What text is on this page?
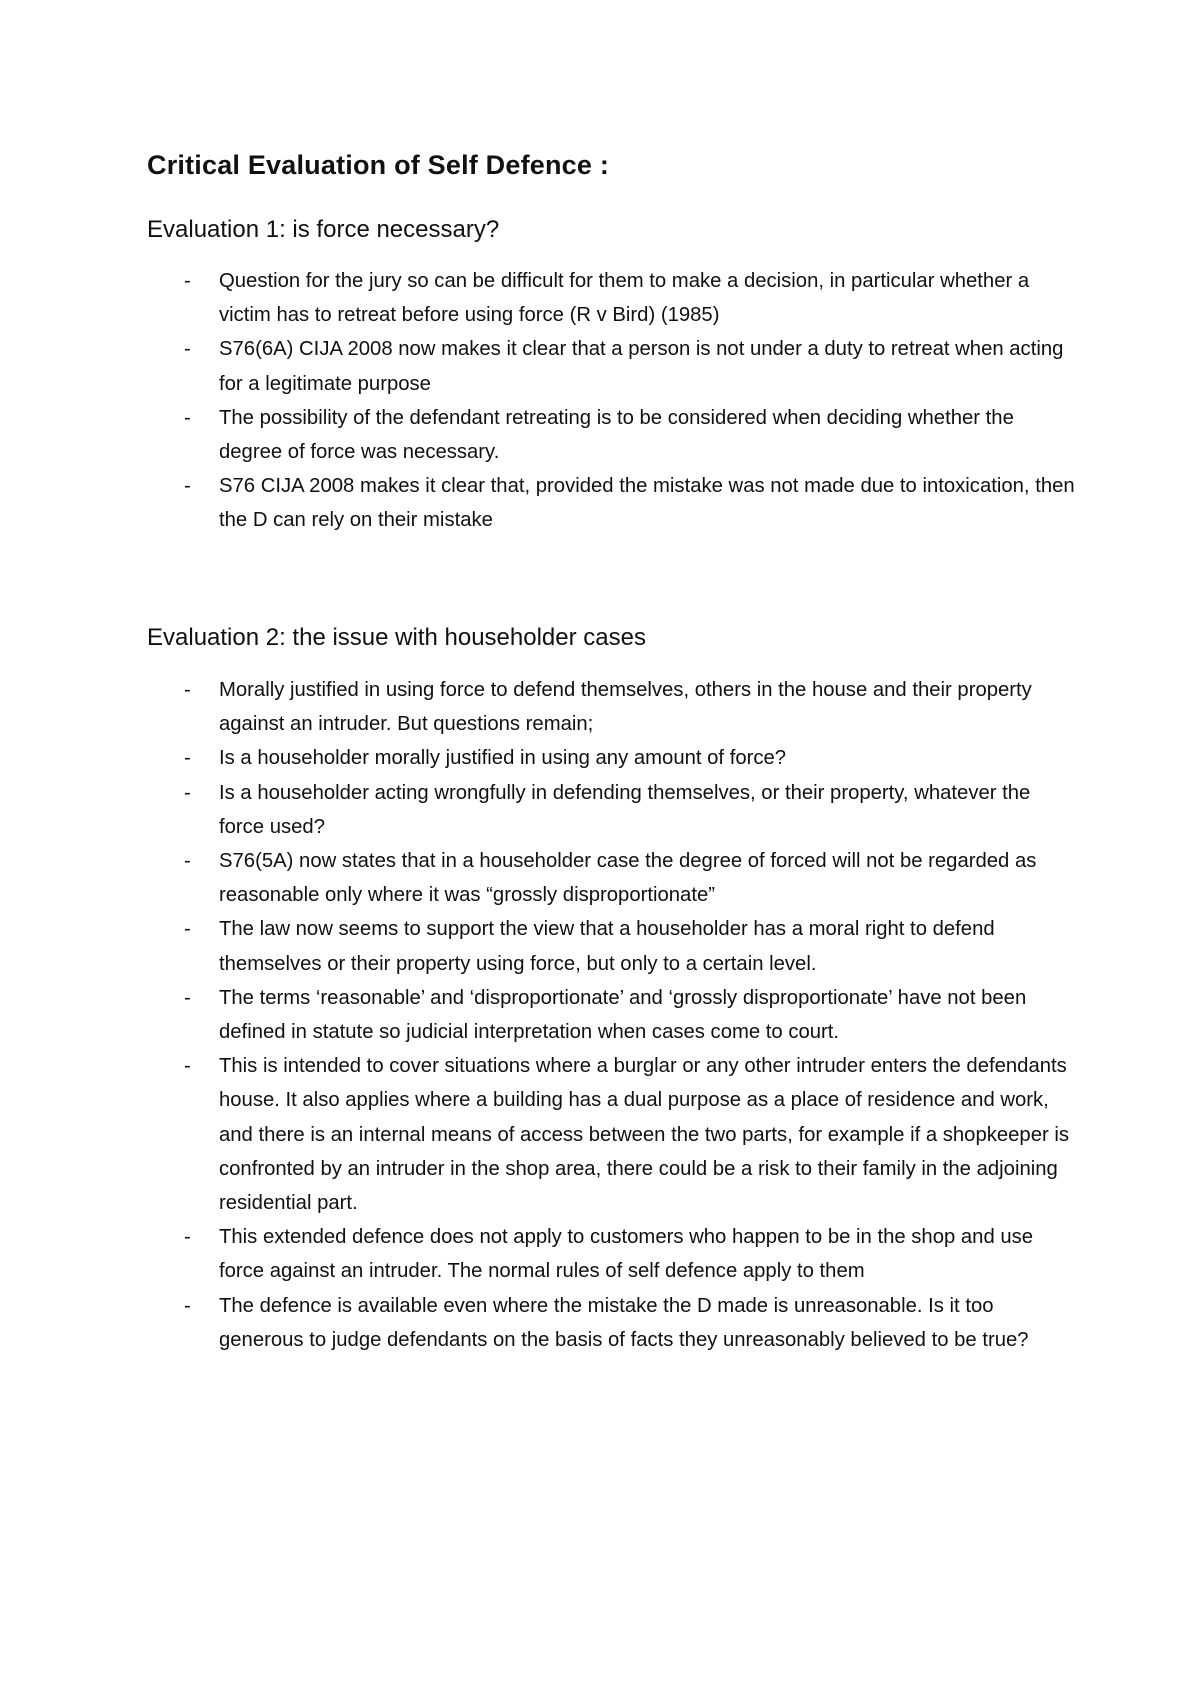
Critical Evaluation of Self Defence :
Evaluation 1: is force necessary?
- Question for the jury so can be difficult for them to make a decision, in particular whether a victim has to retreat before using force (R v Bird) (1985)
- S76(6A) CIJA 2008 now makes it clear that a person is not under a duty to retreat when acting for a legitimate purpose
- The possibility of the defendant retreating is to be considered when deciding whether the degree of force was necessary.
- S76 CIJA 2008 makes it clear that, provided the mistake was not made due to intoxication, then the D can rely on their mistake
Evaluation 2: the issue with householder cases
- Morally justified in using force to defend themselves, others in the house and their property against an intruder. But questions remain;
- Is a householder morally justified in using any amount of force?
- Is a householder acting wrongfully in defending themselves, or their property, whatever the force used?
- S76(5A) now states that in a householder case the degree of forced will not be regarded as reasonable only where it was “grossly disproportionate”
- The law now seems to support the view that a householder has a moral right to defend themselves or their property using force, but only to a certain level.
- The terms ‘reasonable’ and ‘disproportionate’ and ‘grossly disproportionate’ have not been defined in statute so judicial interpretation when cases come to court.
- This is intended to cover situations where a burglar or any other intruder enters the defendants house. It also applies where a building has a dual purpose as a place of residence and work, and there is an internal means of access between the two parts, for example if a shopkeeper is confronted by an intruder in the shop area, there could be a risk to their family in the adjoining residential part.
- This extended defence does not apply to customers who happen to be in the shop and use force against an intruder. The normal rules of self defence apply to them
- The defence is available even where the mistake the D made is unreasonable. Is it too generous to judge defendants on the basis of facts they unreasonably believed to be true?
